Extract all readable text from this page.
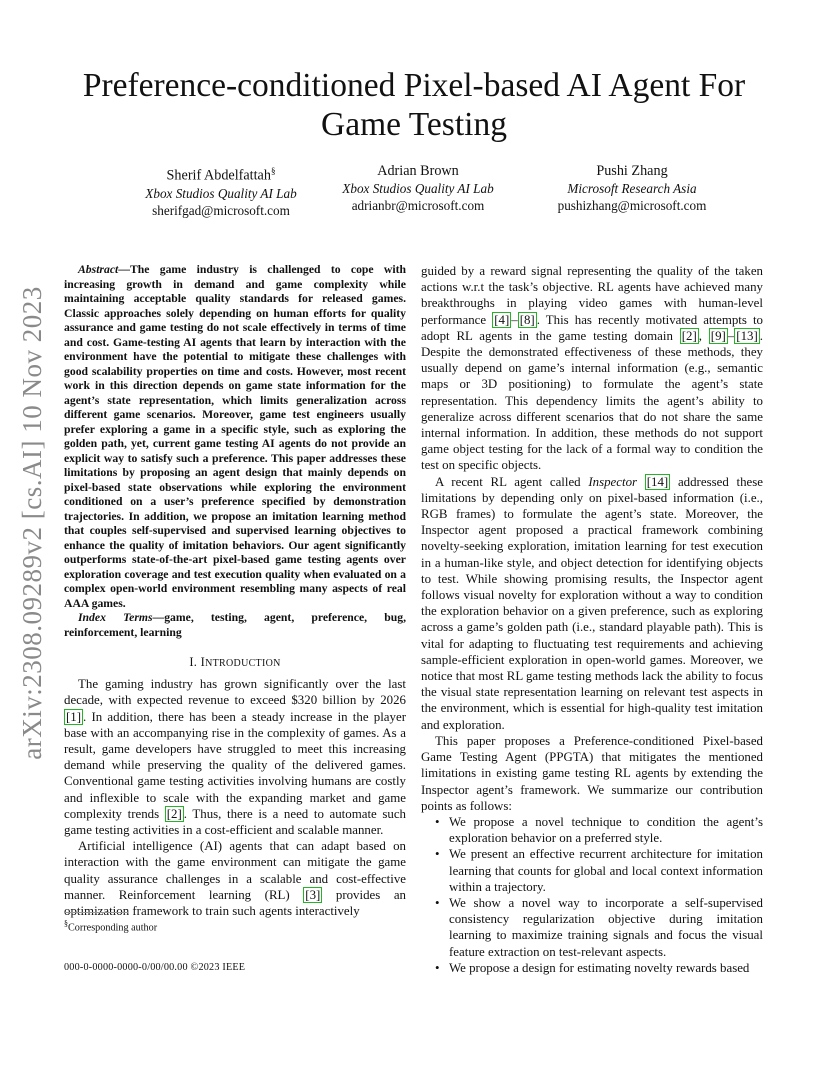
arXiv:2308.09289v2 [cs.AI] 10 Nov 2023
Preference-conditioned Pixel-based AI Agent For Game Testing
Sherif Abdelfattah§
Xbox Studios Quality AI Lab
sherifgad@microsoft.com
Adrian Brown
Xbox Studios Quality AI Lab
adrianbr@microsoft.com
Pushi Zhang
Microsoft Research Asia
pushizhang@microsoft.com

Abstract—The game industry is challenged to cope with increasing growth in demand and game complexity while maintaining acceptable quality standards for released games. Classic approaches solely depending on human efforts for quality assurance and game testing do not scale effectively in terms of time and cost. Game-testing AI agents that learn by interaction with the environment have the potential to mitigate these challenges with good scalability properties on time and costs. However, most recent work in this direction depends on game state information for the agent’s state representation, which limits generalization across different game scenarios. Moreover, game test engineers usually prefer exploring a game in a specific style, such as exploring the golden path, yet, current game testing AI agents do not provide an explicit way to satisfy such a preference. This paper addresses these limitations by proposing an agent design that mainly depends on pixel-based state observations while exploring the environment conditioned on a user’s preference specified by demonstration trajectories. In addition, we propose an imitation learning method that couples self-supervised and supervised learning objectives to enhance the quality of imitation behaviors. Our agent significantly outperforms state-of-the-art pixel-based game testing agents over exploration coverage and test execution quality when evaluated on a complex open-world environment resembling many aspects of real AAA games.

Index Terms—game, testing, agent, preference, bug, reinforcement, learning

I. INTRODUCTION

The gaming industry has grown significantly over the last decade, with expected revenue to exceed $320 billion by 2026 [1] . In addition, there has been a steady increase in the player base with an accompanying rise in the complexity of games. As a result, game developers have struggled to meet this increasing demand while preserving the quality of the delivered games. Conventional game testing activities involving humans are costly and inflexible to scale with the expanding market and game complexity trends [2] . Thus, there is a need to automate such game testing activities in a cost-efficient and scalable manner.

Artificial intelligence (AI) agents that can adapt based on interaction with the game environment can mitigate the game quality assurance challenges in a scalable and cost-effective manner. Reinforcement learning (RL) [3] provides an optimization framework to train such agents interactively

guided by a reward signal representing the quality of the taken actions w.r.t the task’s objective. RL agents have achieved many breakthroughs in playing video games with human-level performance [4] – [8] . This has recently motivated attempts to adopt RL agents in the game testing domain [2] , [9] – [13] . Despite the demonstrated effectiveness of these methods, they usually depend on game’s internal information (e.g., semantic maps or 3D positioning) to formulate the agent’s state representation. This dependency limits the agent’s ability to generalize across different scenarios that do not share the same internal information. In addition, these methods do not support game object testing for the lack of a formal way to condition the test on specific objects.

A recent RL agent called Inspector [14] addressed these limitations by depending only on pixel-based information (i.e., RGB frames) to formulate the agent’s state. Moreover, the Inspector agent proposed a practical framework combining novelty-seeking exploration, imitation learning for test execution in a human-like style, and object detection for identifying objects to test. While showing promising results, the Inspector agent follows visual novelty for exploration without a way to condition the exploration behavior on a given preference, such as exploring across a game’s golden path (i.e., standard playable path). This is vital for adapting to fluctuating test requirements and achieving sample-efficient exploration in open-world games. Moreover, we notice that most RL game testing methods lack the ability to focus the visual state representation learning on relevant test aspects in the environment, which is essential for high-quality test imitation and exploration.

This paper proposes a Preference-conditioned Pixel-based Game Testing Agent (PPGTA) that mitigates the mentioned limitations in existing game testing RL agents by extending the Inspector agent’s framework. We summarize our contribution points as follows:

• We propose a novel technique to condition the agent’s exploration behavior on a preferred style.
• We present an effective recurrent architecture for imitation learning that counts for global and local context information within a trajectory.
• We show a novel way to incorporate a self-supervised consistency regularization objective during imitation learning to maximize training signals and focus the visual feature extraction on test-relevant aspects.
• We propose a design for estimating novelty rewards based
§Corresponding author
000-0-0000-0000-0/00/00.00 ©2023 IEEE
